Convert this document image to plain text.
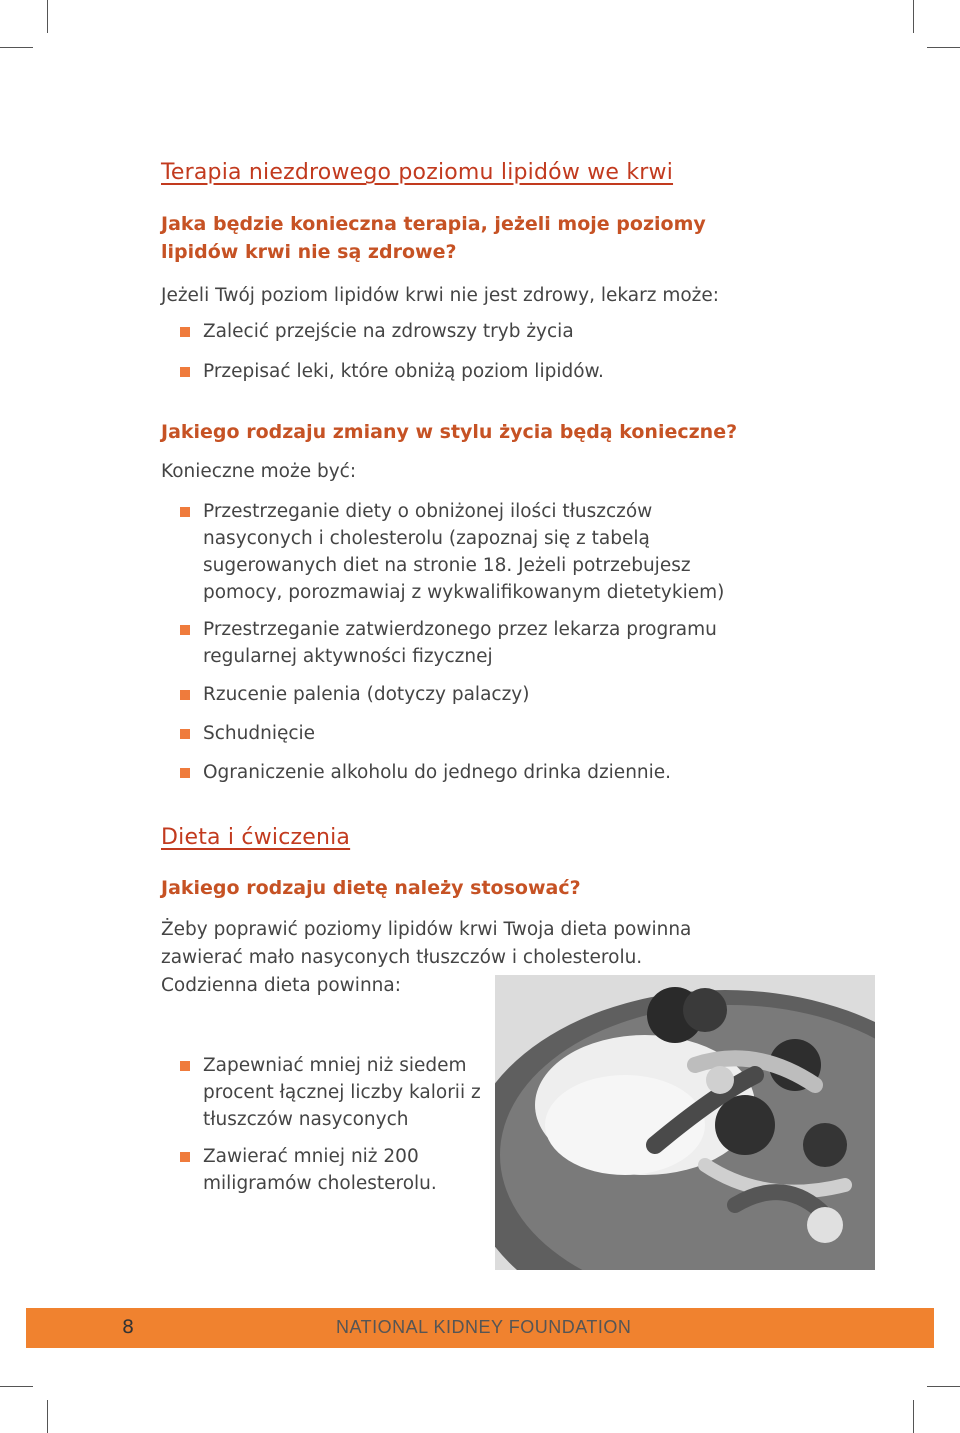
Terapia niezdrowego poziomu lipidów we krwi
Jaka będzie konieczna terapia, jeżeli moje poziomy lipidów krwi nie są zdrowe?

Jeżeli Twój poziom lipidów krwi nie jest zdrowy, lekarz może:

Zalecić przejście na zdrowszy tryb życia
Przepisać leki, które obniżą poziom lipidów.
Jakiego rodzaju zmiany w stylu życia będą konieczne?

Konieczne może być:

Przestrzeganie diety o obniżonej ilości tłuszczów nasyconych i cholesterolu (zapoznaj się z tabelą sugerowanych diet na stronie 18. Jeżeli potrzebujesz pomocy, porozmawiaj z wykwalifikowanym dietetykiem)
Przestrzeganie zatwierdzonego przez lekarza programu regularnej aktywności fizycznej
Rzucenie palenia (dotyczy palaczy)
Schudnięcie
Ograniczenie alkoholu do jednego drinka dziennie.
Dieta i ćwiczenia
Jakiego rodzaju dietę należy stosować?

Żeby poprawić poziomy lipidów krwi Twoja dieta powinna zawierać mało nasyconych tłuszczów i cholesterolu. Codzienna dieta powinna:

Zapewniać mniej niż siedem procent łącznej liczby kalorii z tłuszczów nasyconych
Zawierać mniej niż 200 miligramów cholesterolu.
8	NATIONAL KIDNEY FOUNDATION
